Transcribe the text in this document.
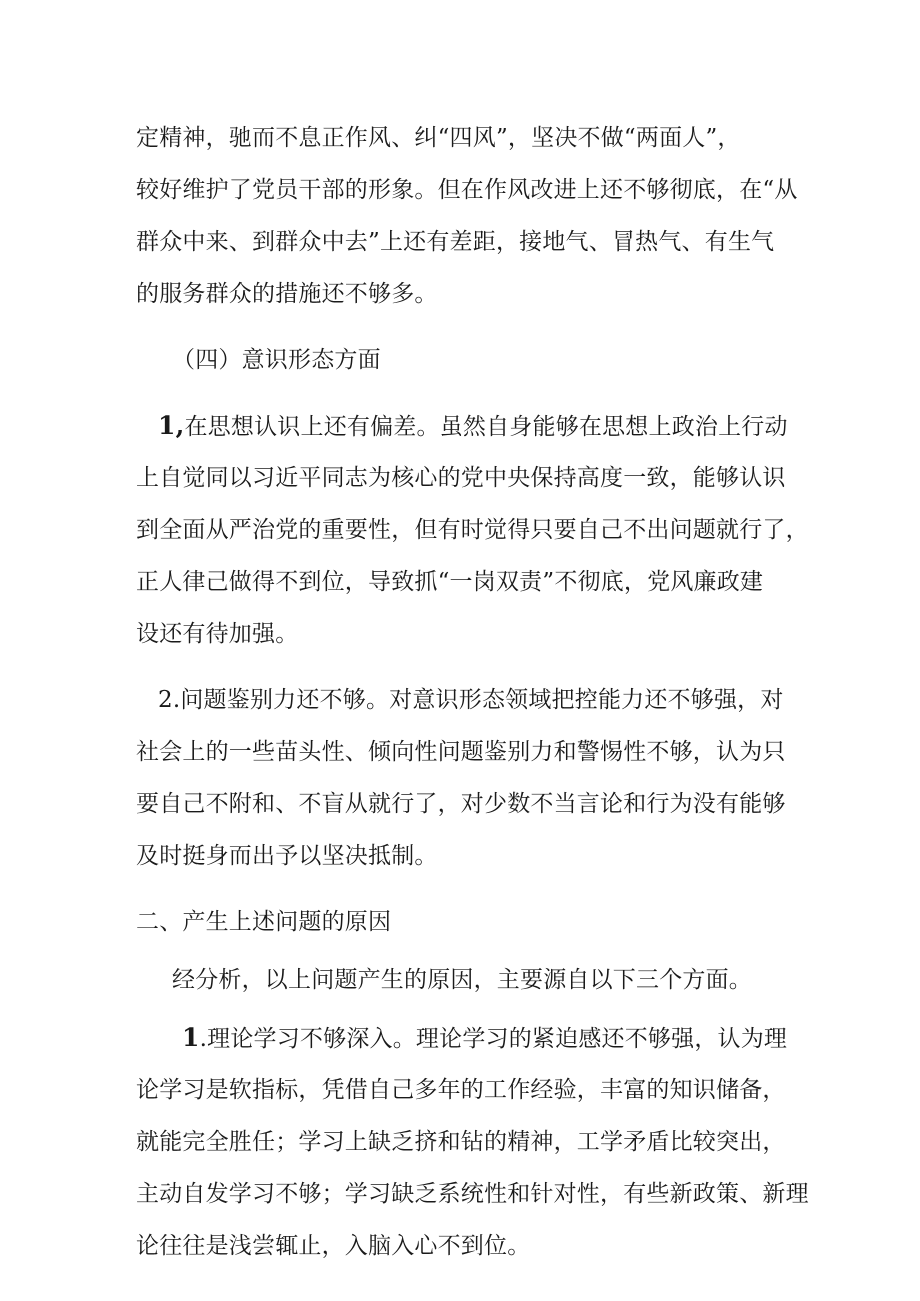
定精神，驰而不息正作风、纠“四风”，坚决不做“两面人”，
较好维护了党员干部的形象。但在作风改进上还不够彻底，在“从
群众中来、到群众中去”上还有差距，接地气、冒热气、有生气
的服务群众的措施还不够多。
（四）意识形态方面
1,在思想认识上还有偏差。虽然自身能够在思想上政治上行动
上自觉同以习近平同志为核心的党中央保持高度一致，能够认识
到全面从严治党的重要性，但有时觉得只要自己不出问题就行了，
正人律己做得不到位，导致抓“一岗双责”不彻底，党风廉政建
设还有待加强。
2.问题鉴别力还不够。对意识形态领域把控能力还不够强，对
社会上的一些苗头性、倾向性问题鉴别力和警惕性不够，认为只
要自己不附和、不盲从就行了，对少数不当言论和行为没有能够
及时挺身而出予以坚决抵制。
二、产生上述问题的原因
经分析，以上问题产生的原因，主要源自以下三个方面。
1.理论学习不够深入。理论学习的紧迫感还不够强，认为理
论学习是软指标，凭借自己多年的工作经验，丰富的知识储备，
就能完全胜任；学习上缺乏挤和钻的精神，工学矛盾比较突出，
主动自发学习不够；学习缺乏系统性和针对性，有些新政策、新理
论往往是浅尝辄止，入脑入心不到位。
